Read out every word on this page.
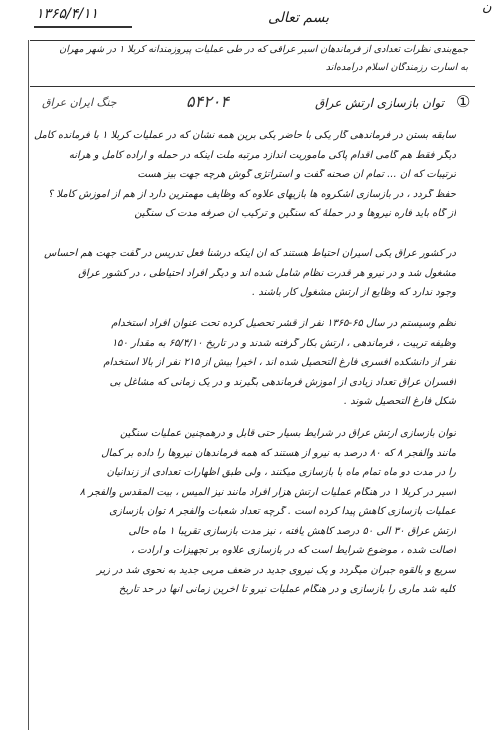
۱۳۶۵/۴/۱۱	بسم تعالی
ن
جمع‌بندی نظرات تعدادی از فرماندهان اسیر عراقی که در طی عملیات پیروزمندانه کربلا ۱ در شهر مهران
به اسارت رزمندگان اسلام درآمده‌اند
①
توان بازسازی ارتش عراق
۵۴۲۰۴
جنگ ایران عراق
سابقه بستن در فرماندهی گار یکی با حاضر یکی برین همه نشان که در عملیات کربلا ۱ با فرمانده کامل
دیگر فقط هم گامی اقدام پاکی مأموریت اندازد مرتبه ملت اینکه در حمله و اراده کامل و هرانه
ترتیبات که آن ... تمام آن صحنه گفت و استراتژی گوش هرچه جهت بیز هست
حفظ گردد ، در بازسازی اشکروه ها بازیهای علاوه که وظایف مهمترین دارد از هم از آموزش کاملا ؟
از گاه باید فاره نیروها و در حملهٔ که سنگین و ترکیب آن صرفه مدت ک سنگین
در کشور عراق یکی اسیران احتیاط هستند که آن اینکه درشنا فعل تدریس در گفت جهت هم احساس
مشغول شد و در نیرو هر قدرت نظام شامل شده اند و دیگر افراد احتیاطی ، در کشور عراق
وجود ندارد که وظایع از ارتش مشغول کار باشند .
نظم وسیستم در سال ۶۵-۱۳۶۵ نفر از قشر تحصیل کرده تحت عنوان افراد استخدام
وظیفه تربیت ، فرماندهی ، ارتش بکار گرفته شدند و در تاریخ ۶۵/۴/۱۰ به مقدار ۱۵۰
نفر از دانشکده افسری فارغ التحصیل شده اند ، اخیراً بیش از ۲۱۵ نفر از بالا استخدام
افسران عراق تعداد زیادی از آموزش فرماندهی بگیرند و در یک زمانی که مشاغل بی
شکل فارغ التحصیل شوند .
توان بازسازی ارتش عراق در شرایط بسیار حتی قابل و درهمچنین عملیات سنگین
مانند والفجر ۸ که ۸۰ درصد به نیرو از هستند که همه فرماندهان نیروها را داده بر کمال
را در مدت دو ماه تمام ماه با بازسازی میکنند ، ولی طبق اظهارات تعدادی از زندانیان
اسیر در کربلا ۱ در هنگام عملیات ارتش هزار افراد مانند نیز المیس ، بیت المقدس والفجر ۸
عملیات بازسازی کاهش پیدا کرده است . گرچه تعداد شعبات والفجر ۸ توان بازسازی
ارتش عراق ۳۰ الی ۵۰ درصد کاهش یافته ، نیز مدت بازسازی تقریبا ۱ ماه حالی
اصالت شده ، موضوع شرایط است که در بازسازی علاوه بر تجهیزات و ارادت ،
سریع و بالقوه جبران میگردد و یک نیروی جدید در ضعف مربی جدید به نحوی شد در زیر
کلیه شد ماری را بازسازی و در هنگام عملیات نیرو تا آخرین زمانی آنها در حد تاریخ
